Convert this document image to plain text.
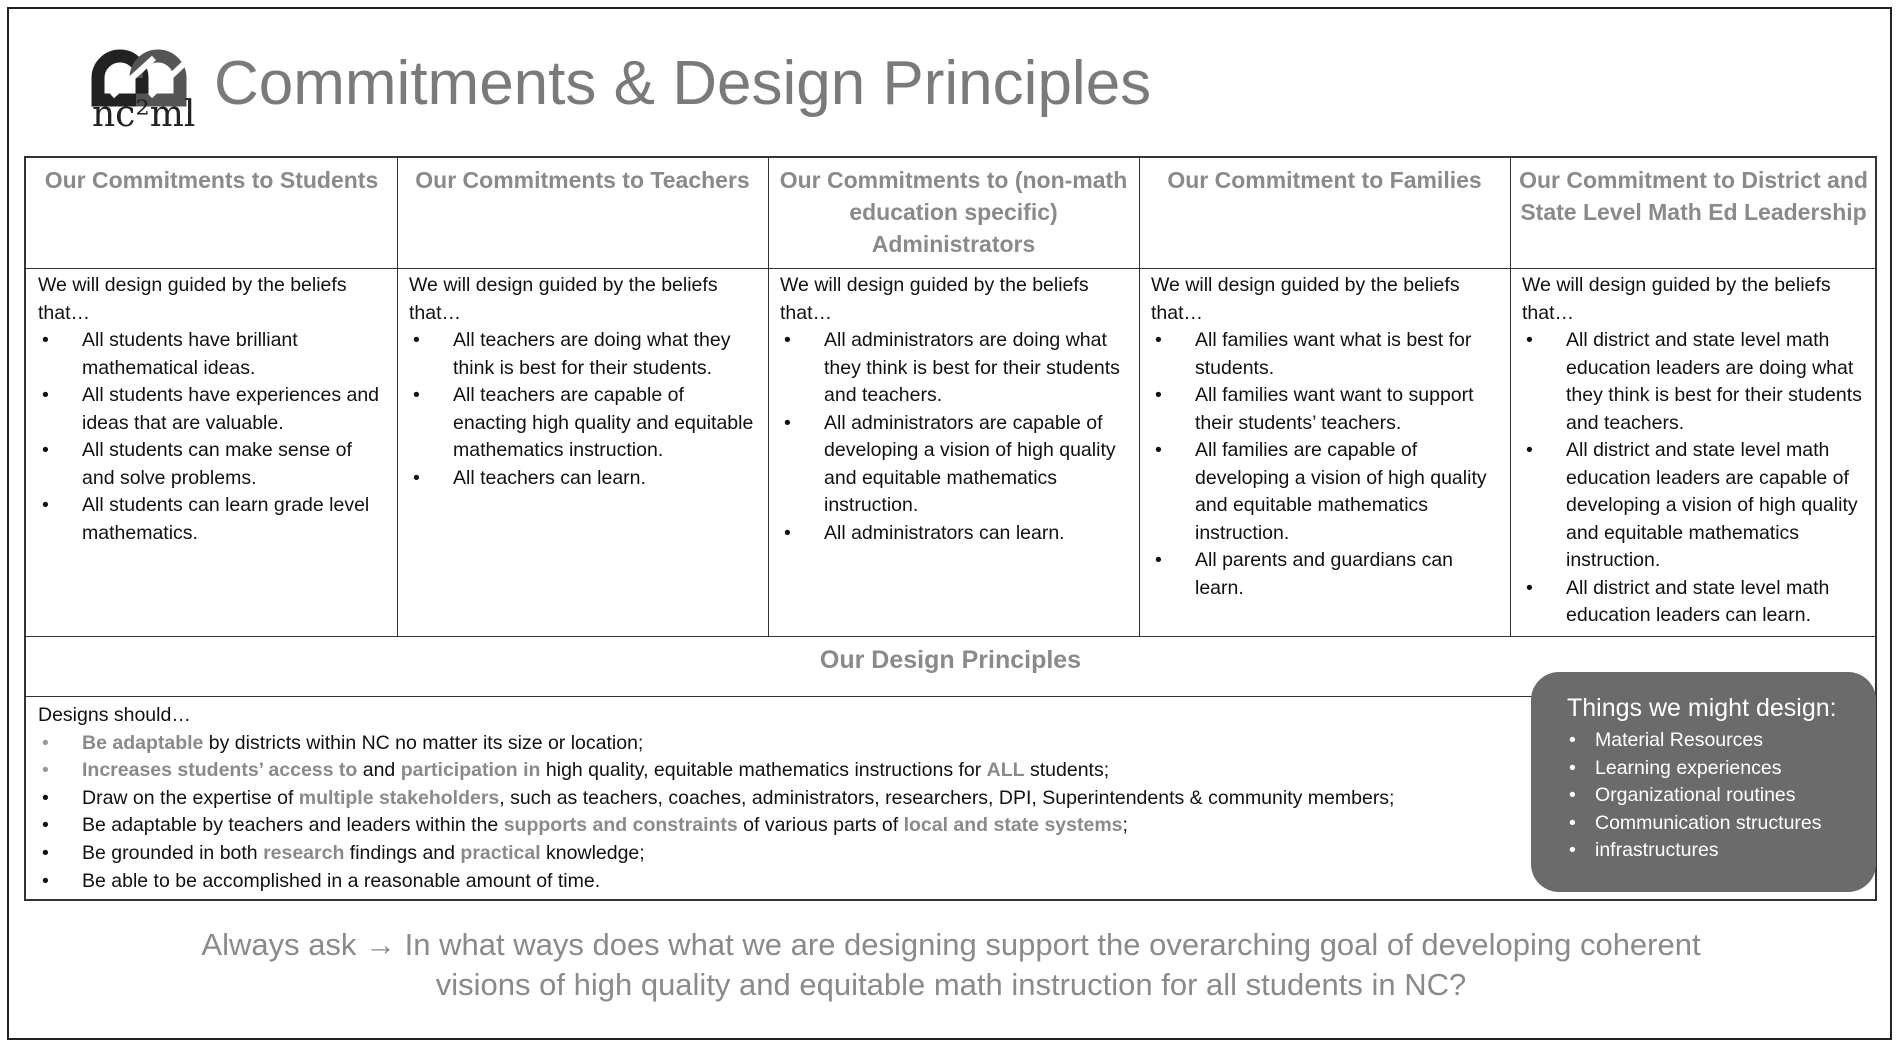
nc²ml Commitments & Design Principles
Our Commitments to Students
We will design guided by the beliefs that…
• All students have brilliant mathematical ideas.
• All students have experiences and ideas that are valuable.
• All students can make sense of and solve problems.
• All students can learn grade level mathematics.
Our Commitments to Teachers
We will design guided by the beliefs that…
• All teachers are doing what they think is best for their students.
• All teachers are capable of enacting high quality and equitable mathematics instruction.
• All teachers can learn.
Our Commitments to (non-math education specific) Administrators
We will design guided by the beliefs that…
• All administrators are doing what they think is best for their students and teachers.
• All administrators are capable of developing a vision of high quality and equitable mathematics instruction.
• All administrators can learn.
Our Commitment to Families
We will design guided by the beliefs that…
• All families want what is best for students.
• All families want want to support their students’ teachers.
• All families are capable of developing a vision of high quality and equitable mathematics instruction.
• All parents and guardians can learn.
Our Commitment to District and State Level Math Ed Leadership
We will design guided by the beliefs that…
• All district and state level math education leaders are doing what they think is best for their students and teachers.
• All district and state level math education leaders are capable of developing a vision of high quality and equitable mathematics instruction.
• All district and state level math education leaders can learn.
Our Design Principles
Designs should…
• Be adaptable by districts within NC no matter its size or location;
• Increases students’ access to and participation in high quality, equitable mathematics instructions for ALL students;
• Draw on the expertise of multiple stakeholders, such as teachers, coaches, administrators, researchers, DPI, Superintendents & community members;
• Be adaptable by teachers and leaders within the supports and constraints of various parts of local and state systems;
• Be grounded in both research findings and practical knowledge;
• Be able to be accomplished in a reasonable amount of time.
Things we might design:
• Material Resources
• Learning experiences
• Organizational routines
• Communication structures
• infrastructures
Always ask → In what ways does what we are designing support the overarching goal of developing coherent
visions of high quality and equitable math instruction for all students in NC?
